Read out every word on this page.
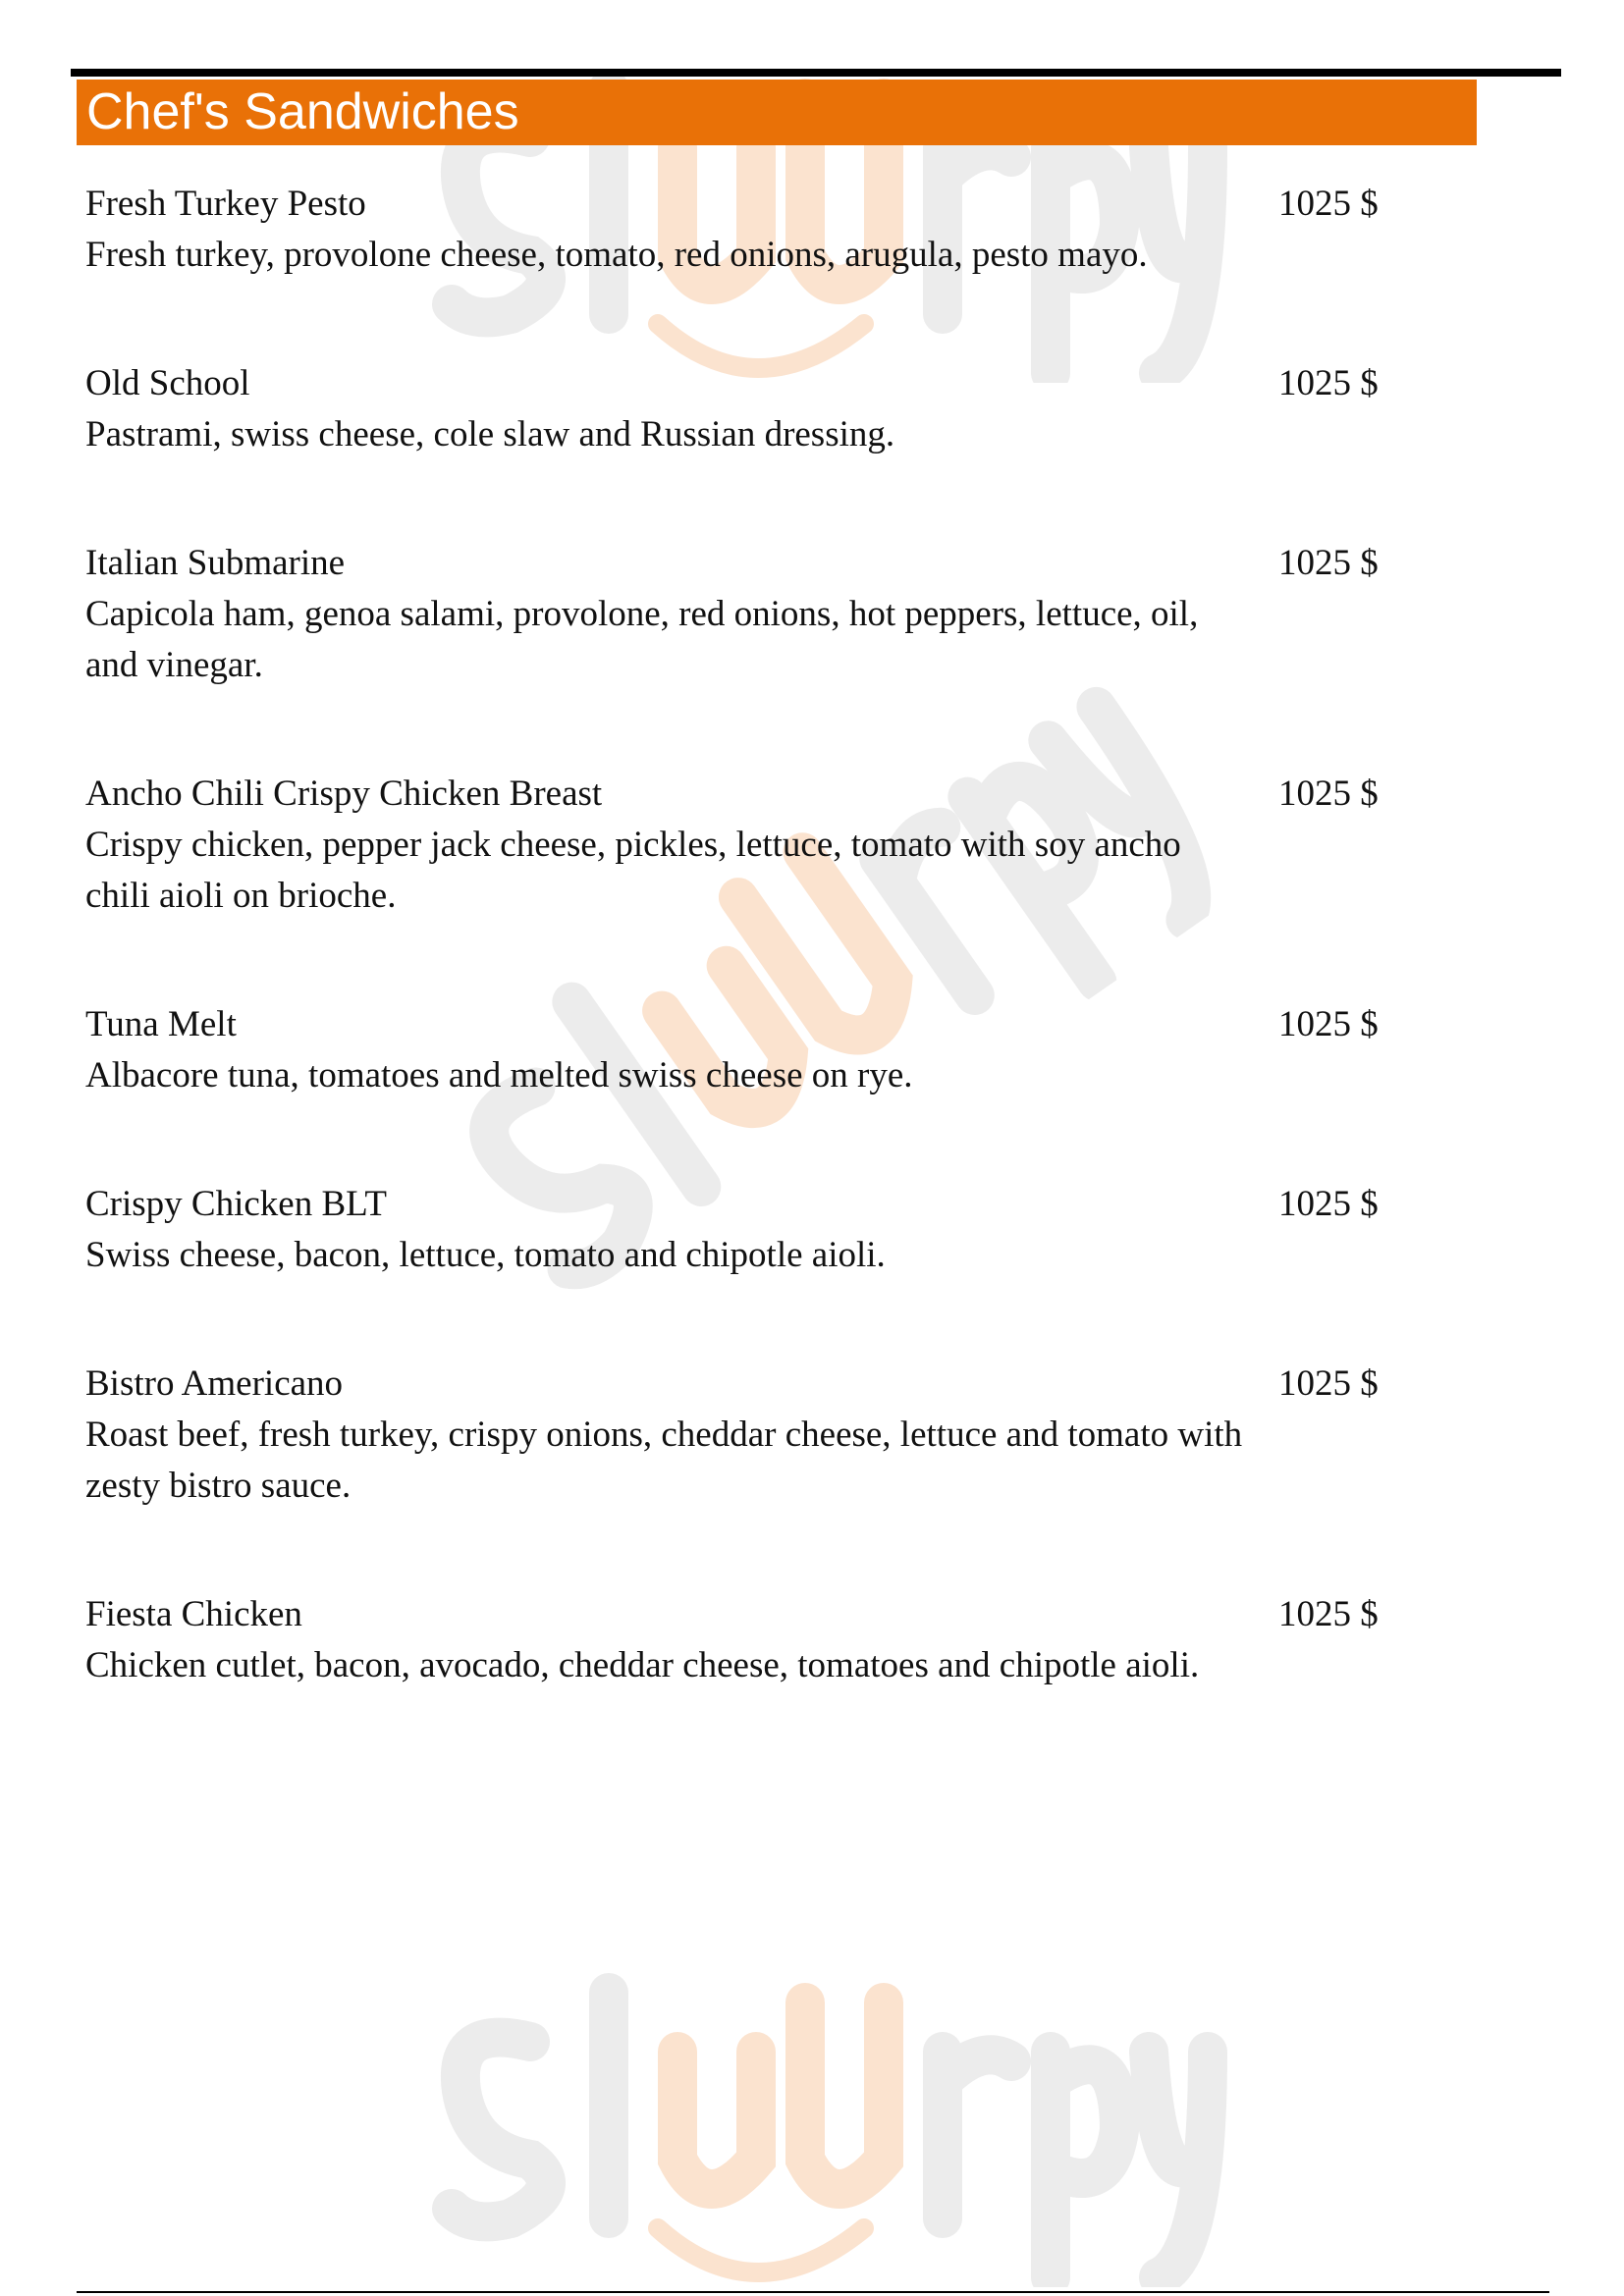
Chef's Sandwiches
Fresh Turkey Pesto
Fresh turkey, provolone cheese, tomato, red onions, arugula, pesto mayo.
1025 $
Old School
Pastrami, swiss cheese, cole slaw and Russian dressing.
1025 $
Italian Submarine
Capicola ham, genoa salami, provolone, red onions, hot peppers, lettuce, oil, and vinegar.
1025 $
Ancho Chili Crispy Chicken Breast
Crispy chicken, pepper jack cheese, pickles, lettuce, tomato with soy ancho chili aioli on brioche.
1025 $
Tuna Melt
Albacore tuna, tomatoes and melted swiss cheese on rye.
1025 $
Crispy Chicken BLT
Swiss cheese, bacon, lettuce, tomato and chipotle aioli.
1025 $
Bistro Americano
Roast beef, fresh turkey, crispy onions, cheddar cheese, lettuce and tomato with zesty bistro sauce.
1025 $
Fiesta Chicken
Chicken cutlet, bacon, avocado, cheddar cheese, tomatoes and chipotle aioli.
1025 $
